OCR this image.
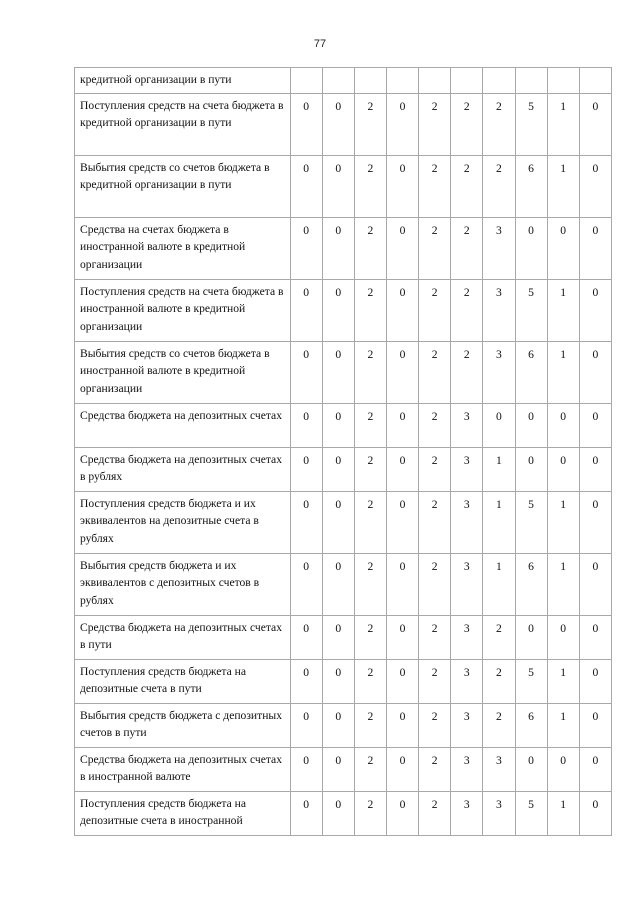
77
кредитной организации в пути										
Поступления средств на счета бюджета в кредитной организации в пути	0	0	2	0	2	2	2	5	1	0
Выбытия средств со счетов бюджета в кредитной организации в пути	0	0	2	0	2	2	2	6	1	0
Средства на счетах бюджета в иностранной валюте в кредитной организации	0	0	2	0	2	2	3	0	0	0
Поступления средств на счета бюджета в иностранной валюте в кредитной организации	0	0	2	0	2	2	3	5	1	0
Выбытия средств со счетов бюджета в иностранной валюте в кредитной организации	0	0	2	0	2	2	3	6	1	0
Средства бюджета на депозитных счетах	0	0	2	0	2	3	0	0	0	0
Средства бюджета на депозитных счетах в рублях	0	0	2	0	2	3	1	0	0	0
Поступления средств бюджета и их эквивалентов на депозитные счета в рублях	0	0	2	0	2	3	1	5	1	0
Выбытия средств бюджета и их эквивалентов с депозитных счетов в рублях	0	0	2	0	2	3	1	6	1	0
Средства бюджета на депозитных счетах в пути	0	0	2	0	2	3	2	0	0	0
Поступления средств бюджета на депозитные счета в пути	0	0	2	0	2	3	2	5	1	0
Выбытия средств бюджета с депозитных счетов в пути	0	0	2	0	2	3	2	6	1	0
Средства бюджета на депозитных счетах в иностранной валюте	0	0	2	0	2	3	3	0	0	0
Поступления средств бюджета на депозитные счета в иностранной	0	0	2	0	2	3	3	5	1	0
